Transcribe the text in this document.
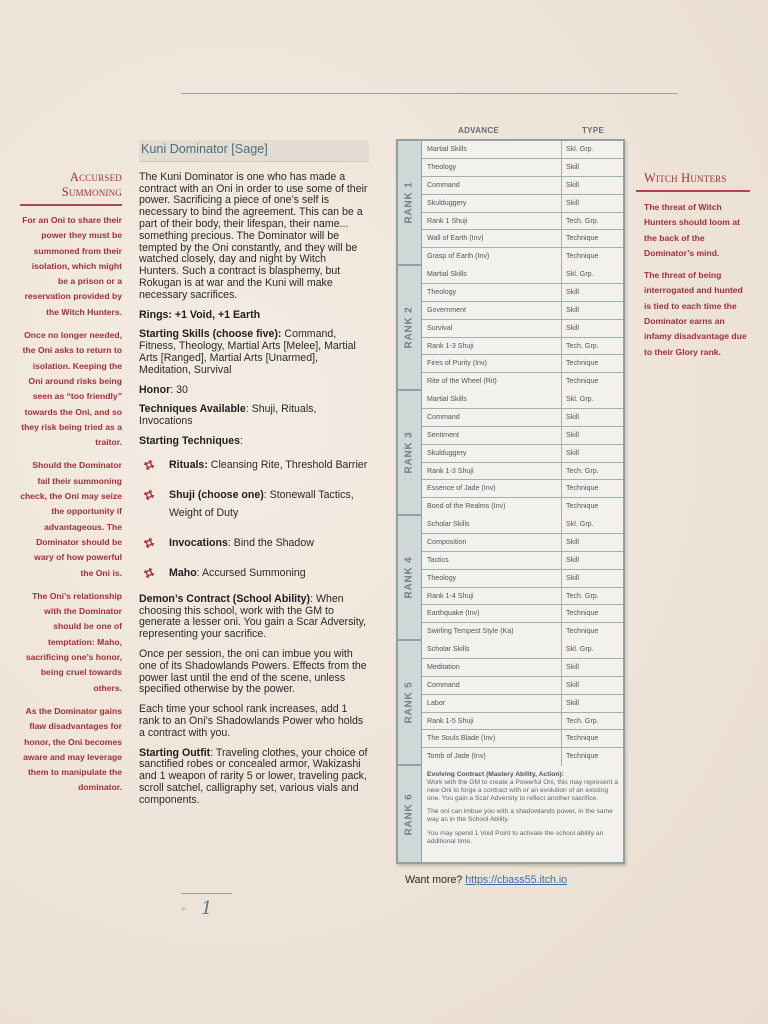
Accursed
Summoning

For an Oni to share their power they must be summoned from their isolation, which might be a prison or a reservation provided by the Witch Hunters.

Once no longer needed, the Oni asks to return to isolation. Keeping the Oni around risks being seen as “too friendly” towards the Oni, and so they risk being tried as a traitor.

Should the Dominator fail their summoning check, the Oni may seize the opportunity if advantageous. The Dominator should be wary of how powerful the Oni is.

The Oni’s relationship with the Dominator should be one of temptation: Maho, sacrificing one’s honor, being cruel towards others.

As the Dominator gains flaw disadvantages for honor, the Oni becomes aware and may leverage them to manipulate the dominator.

Kuni Dominator [Sage]

The Kuni Dominator is one who has made a contract with an Oni in order to use some of their power. Sacrificing a piece of one’s self is necessary to bind the agreement. This can be a part of their body, their lifespan, their name... something precious. The Dominator will be tempted by the Oni constantly, and they will be watched closely, day and night by Witch Hunters. Such a contract is blasphemy, but Rokugan is at war and the Kuni will make necessary sacrifices.

Rings: +1 Void, +1 Earth

Starting Skills (choose five): Command, Fitness, Theology, Martial Arts [Melee], Martial Arts [Ranged], Martial Arts [Unarmed], Meditation, Survival

Honor: 30

Techniques Available: Shuji, Rituals, Invocations

Starting Techniques:

Rituals: Cleansing Rite, Threshold Barrier
Shuji (choose one): Stonewall Tactics, Weight of Duty
Invocations: Bind the Shadow
Maho: Accursed Summoning

Demon’s Contract (School Ability): When choosing this school, work with the GM to generate a lesser oni. You gain a Scar Adversity, representing your sacrifice.

Once per session, the oni can imbue you with one of its Shadowlands Powers. Effects from the power last until the end of the scene, unless specified otherwise by the power.

Each time your school rank increases, add 1 rank to an Oni’s Shadowlands Power who holds a contract with you.

Starting Outfit: Traveling clothes, your choice of sanctified robes or concealed armor, Wakizashi and 1 weapon of rarity 5 or lower, traveling pack, scroll satchel, calligraphy set, various vials and components.

ADVANCE	TYPE
RANK 1
Martial Skills	Skl. Grp.
Theology	Skill
Command	Skill
Skulduggery	Skill
Rank 1 Shuji	Tech. Grp.
Wall of Earth (Inv)	Technique
Grasp of Earth (Inv)	Technique
RANK 2
Martial Skills	Skl. Grp.
Theology	Skill
Government	Skill
Survival	Skill
Rank 1-3 Shuji	Tech. Grp.
Fires of Purity (Inv)	Technique
Rite of the Wheel (Rit)	Technique
RANK 3
Martial Skills	Skl. Grp.
Command	Skill
Sentiment	Skill
Skulduggery	Skill
Rank 1-3 Shuji	Tech. Grp.
Essence of Jade (Inv)	Technique
Bond of the Realms (Inv)	Technique
RANK 4
Scholar Skills	Skl. Grp.
Composition	Skill
Tactics	Skill
Theology	Skill
Rank 1-4 Shuji	Tech. Grp.
Earthquake (Inv)	Technique
Swirling Tempest Style (Ka)	Technique
RANK 5
Scholar Skills	Skl. Grp.
Meditation	Skill
Command	Skill
Labor	Skill
Rank 1-5 Shuji	Tech. Grp.
The Souls Blade (Inv)	Technique
Tomb of Jade (Inv)	Technique
RANK 6

Evolving Contract (Mastery Ability, Action):
Work with the GM to create a Powerful Oni, this may represent a new Oni to forge a contract with or an evolution of an existing one. You gain a Scar Adversity to reflect another sacrifice.

The oni can imbue you with a shadowlands power, in the same way as in the School Ability.

You may spend 1 Void Point to activate the school ability an additional time.

Want more? https://cbass55.itch.io
Witch Hunters

The threat of Witch Hunters should loom at the back of the Dominator’s mind.

The threat of being interrogated and hunted is tied to each time the Dominator earns an infamy disadvantage due to their Glory rank.

‴ 1
